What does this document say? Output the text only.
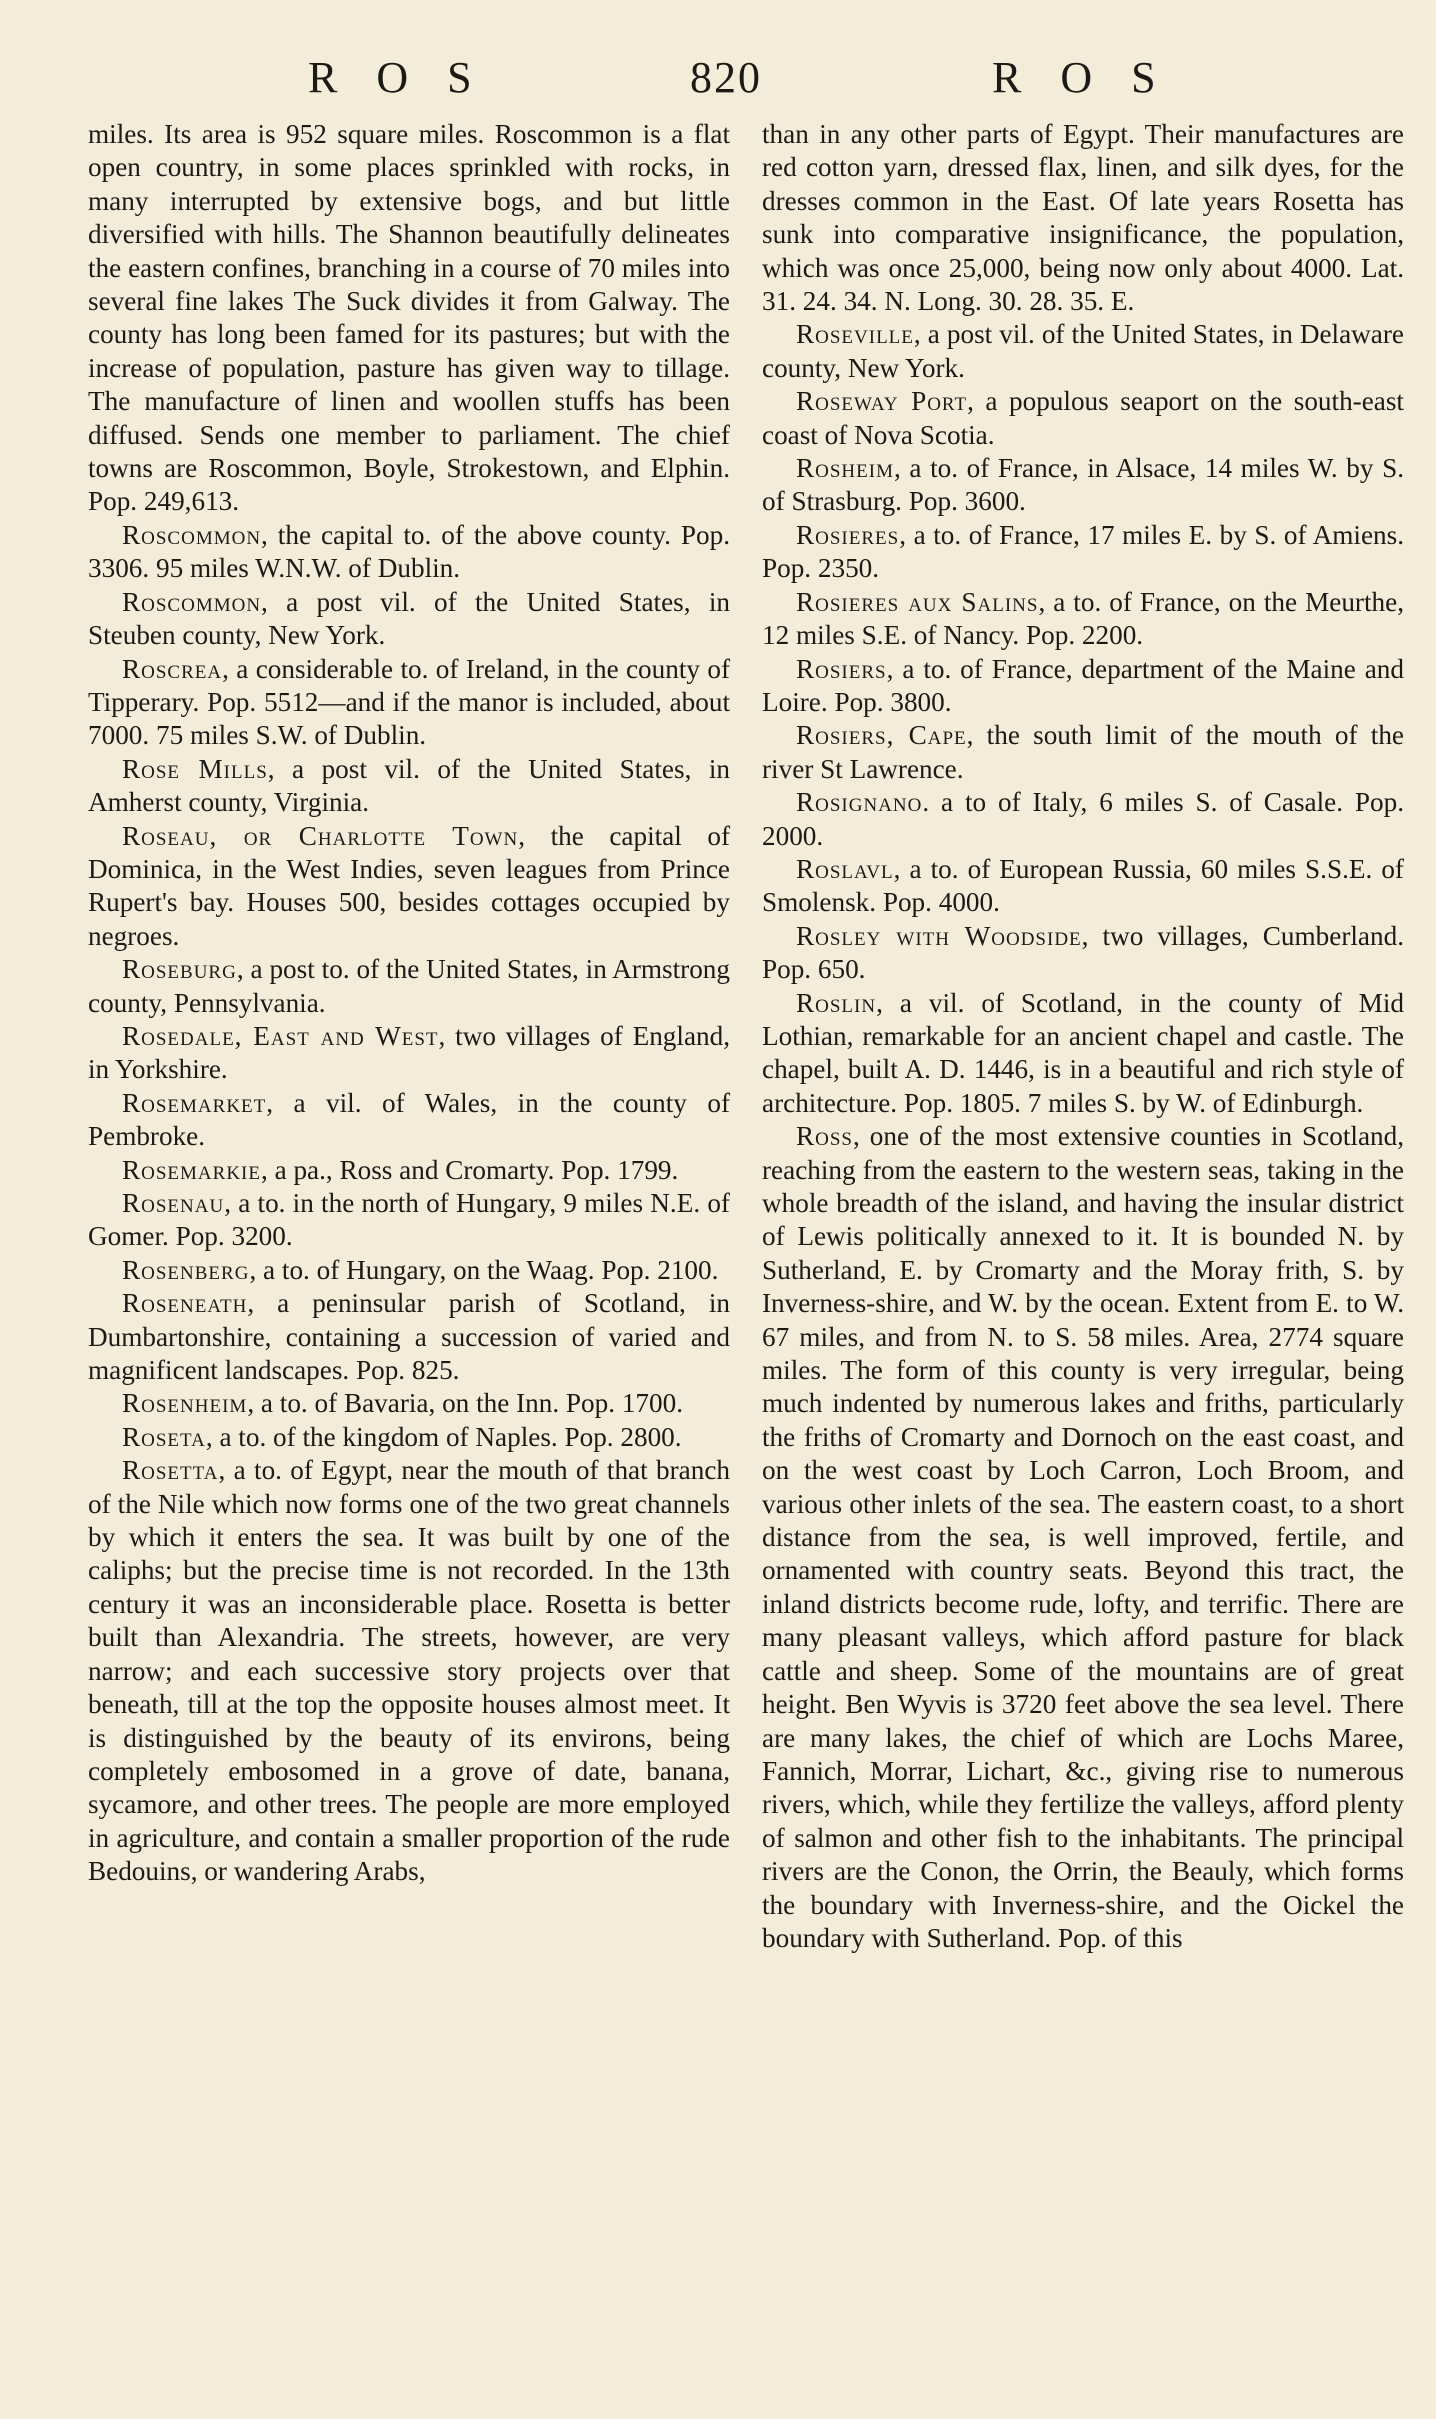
R O S	820	R O S

miles. Its area is 952 square miles. Roscommon is a flat open country, in some places sprinkled with rocks, in many interrupted by extensive bogs, and but little diversified with hills. The Shannon beautifully delineates the eastern confines, branching in a course of 70 miles into several fine lakes The Suck divides it from Galway. The county has long been famed for its pastures; but with the increase of population, pasture has given way to tillage. The manufacture of linen and woollen stuffs has been diffused. Sends one member to parliament. The chief towns are Roscommon, Boyle, Strokestown, and Elphin. Pop. 249,613.

Roscommon, the capital to. of the above county. Pop. 3306. 95 miles W.N.W. of Dublin.

Roscommon, a post vil. of the United States, in Steuben county, New York.

Roscrea, a considerable to. of Ireland, in the county of Tipperary. Pop. 5512—and if the manor is included, about 7000. 75 miles S.W. of Dublin.

Rose Mills, a post vil. of the United States, in Amherst county, Virginia.

Roseau, or Charlotte Town, the capital of Dominica, in the West Indies, seven leagues from Prince Rupert's bay. Houses 500, besides cottages occupied by negroes.

Roseburg, a post to. of the United States, in Armstrong county, Pennsylvania.

Rosedale, East and West, two villages of England, in Yorkshire.

Rosemarket, a vil. of Wales, in the county of Pembroke.

Rosemarkie, a pa., Ross and Cromarty. Pop. 1799.

Rosenau, a to. in the north of Hungary, 9 miles N.E. of Gomer. Pop. 3200.

Rosenberg, a to. of Hungary, on the Waag. Pop. 2100.

Roseneath, a peninsular parish of Scotland, in Dumbartonshire, containing a succession of varied and magnificent landscapes. Pop. 825.

Rosenheim, a to. of Bavaria, on the Inn. Pop. 1700.

Roseta, a to. of the kingdom of Naples. Pop. 2800.

Rosetta, a to. of Egypt, near the mouth of that branch of the Nile which now forms one of the two great channels by which it enters the sea. It was built by one of the caliphs; but the precise time is not recorded. In the 13th century it was an inconsiderable place. Rosetta is better built than Alexandria. The streets, however, are very narrow; and each successive story projects over that beneath, till at the top the opposite houses almost meet. It is distinguished by the beauty of its environs, being completely embosomed in a grove of date, banana, sycamore, and other trees. The people are more employed in agriculture, and contain a smaller proportion of the rude Bedouins, or wandering Arabs,

than in any other parts of Egypt. Their manufactures are red cotton yarn, dressed flax, linen, and silk dyes, for the dresses common in the East. Of late years Rosetta has sunk into comparative insignificance, the population, which was once 25,000, being now only about 4000. Lat. 31. 24. 34. N. Long. 30. 28. 35. E.

Roseville, a post vil. of the United States, in Delaware county, New York.

Roseway Port, a populous seaport on the south-east coast of Nova Scotia.

Rosheim, a to. of France, in Alsace, 14 miles W. by S. of Strasburg. Pop. 3600.

Rosieres, a to. of France, 17 miles E. by S. of Amiens. Pop. 2350.

Rosieres aux Salins, a to. of France, on the Meurthe, 12 miles S.E. of Nancy. Pop. 2200.

Rosiers, a to. of France, department of the Maine and Loire. Pop. 3800.

Rosiers, Cape, the south limit of the mouth of the river St Lawrence.

Rosignano. a to of Italy, 6 miles S. of Casale. Pop. 2000.

Roslavl, a to. of European Russia, 60 miles S.S.E. of Smolensk. Pop. 4000.

Rosley with Woodside, two villages, Cumberland. Pop. 650.

Roslin, a vil. of Scotland, in the county of Mid Lothian, remarkable for an ancient chapel and castle. The chapel, built A. D. 1446, is in a beautiful and rich style of architecture. Pop. 1805. 7 miles S. by W. of Edinburgh.

Ross, one of the most extensive counties in Scotland, reaching from the eastern to the western seas, taking in the whole breadth of the island, and having the insular district of Lewis politically annexed to it. It is bounded N. by Sutherland, E. by Cromarty and the Moray frith, S. by Inverness-shire, and W. by the ocean. Extent from E. to W. 67 miles, and from N. to S. 58 miles. Area, 2774 square miles. The form of this county is very irregular, being much indented by numerous lakes and friths, particularly the friths of Cromarty and Dornoch on the east coast, and on the west coast by Loch Carron, Loch Broom, and various other inlets of the sea. The eastern coast, to a short distance from the sea, is well improved, fertile, and ornamented with country seats. Beyond this tract, the inland districts become rude, lofty, and terrific. There are many pleasant valleys, which afford pasture for black cattle and sheep. Some of the mountains are of great height. Ben Wyvis is 3720 feet above the sea level. There are many lakes, the chief of which are Lochs Maree, Fannich, Morrar, Lichart, &c., giving rise to numerous rivers, which, while they fertilize the valleys, afford plenty of salmon and other fish to the inhabitants. The principal rivers are the Conon, the Orrin, the Beauly, which forms the boundary with Inverness-shire, and the Oickel the boundary with Sutherland. Pop. of this
